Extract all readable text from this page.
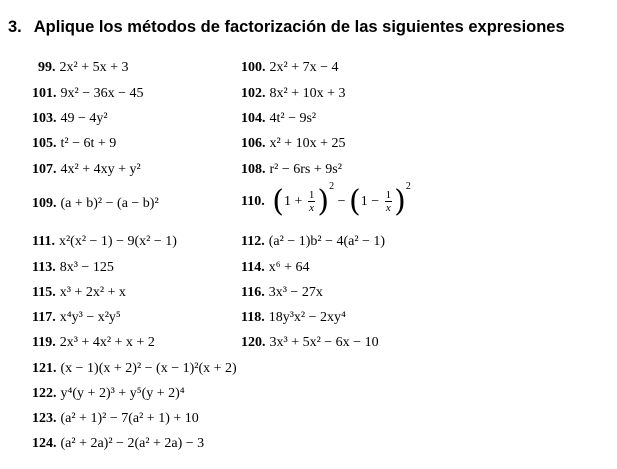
3. Aplique los métodos de factorización de las siguientes expresiones
99. 2x² + 5x + 3
101. 9x² − 36x − 45
103. 49 − 4y²
105. t² − 6t + 9
107. 4x² + 4xy + y²
109. (a + b)² − (a − b)²
111. x²(x² − 1) − 9(x² − 1)
113. 8x³ − 125
115. x³ + 2x² + x
117. x⁴y³ − x²y⁵
119. 2x³ + 4x² + x + 2
121. (x − 1)(x + 2)² − (x − 1)²(x + 2)
122. y⁴(y + 2)³ + y⁵(y + 2)⁴
123. (a² + 1)² − 7(a² + 1) + 10
124. (a² + 2a)² − 2(a² + 2a) − 3
100. 2x² + 7x − 4
102. 8x² + 10x + 3
104. 4t² − 9s²
106. x² + 10x + 25
108. r² − 6rs + 9s²
110. $(1 + \frac{1}{x} )^2 - (1 - \frac{1}{x} )^2$
112. (a² − 1)b² − 4(a² − 1)
114. x⁶ + 64
116. 3x³ − 27x
118. 18y³x² − 2xy⁴
120. 3x³ + 5x² − 6x − 10
